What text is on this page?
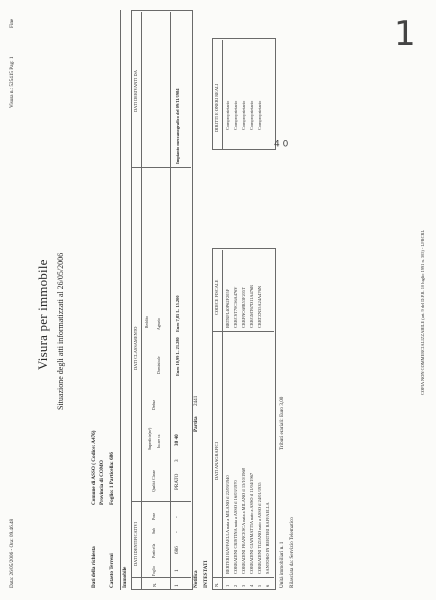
Data: 26/05/2006 - Ora: 09.46.48
Visura n.: 525415 Pag: 1
Fine
Visura per immobile Situazione degli atti informatizzati al 26/05/2006
Dati della richiesta
Comune di ASSO ( Codice: A476) Provincia di COMO
Catasto Terreni
Foglio: 1 Particella: 686
Immobile	N.
DATI IDENTIFICATIVI
DATI CLASSAMENTO
DATI DERIVANTI DA
Foglio
Particella
Sub
Porz
Qualità Classe
Superficie(m²) ha are ca
Deduz
Reddito
Dominicale
Agrario
1
1
686
-
-
PRATO
3
30 40
Euro 10,99 L. 21.280
Euro 7,85 L. 15.200
Impianto meccanografico del 09/11/1984
Notifica
Partita
2441
INTESTATI N.
DATI ANAGRAFICI
CODICE FISCALE
DIRITTI E ONERI REALI
Unità immobiliari n. 1
Tributi erariali: Euro 3,00
Rilasciata da: Servizio Telematico
COPIA NON COMMERCIALIZZABILE (art. 9 del D.P.R. 10 luglio 1991 n. 305) - LFRCRL
4 0
1
BERTERI RAFFAELLA nata a MILANO il 22/09/1940
BRTRFL40P62F205F
Comproprietario
2
CORRADINI CRISTINA nata a ASSO il 16/03/1970
CRRCST70C56A476V
Comproprietario
3
CORRADINI FRANCESCA nata a MILANO il 13/10/1968
CRRFNC68R53F205T
Comproprietario
4
CORRADINI GIANMATTIA nato a ASSO il 11/04/1967
CRRGMT67D11A476R
Comproprietario
5
CORRADINI TIZIANO nato a ASSO il 24/01/1935
CRRTZN35A24A476N
Comproprietario
6
SANTORO IN BERTERI RAFFAELLA
1
